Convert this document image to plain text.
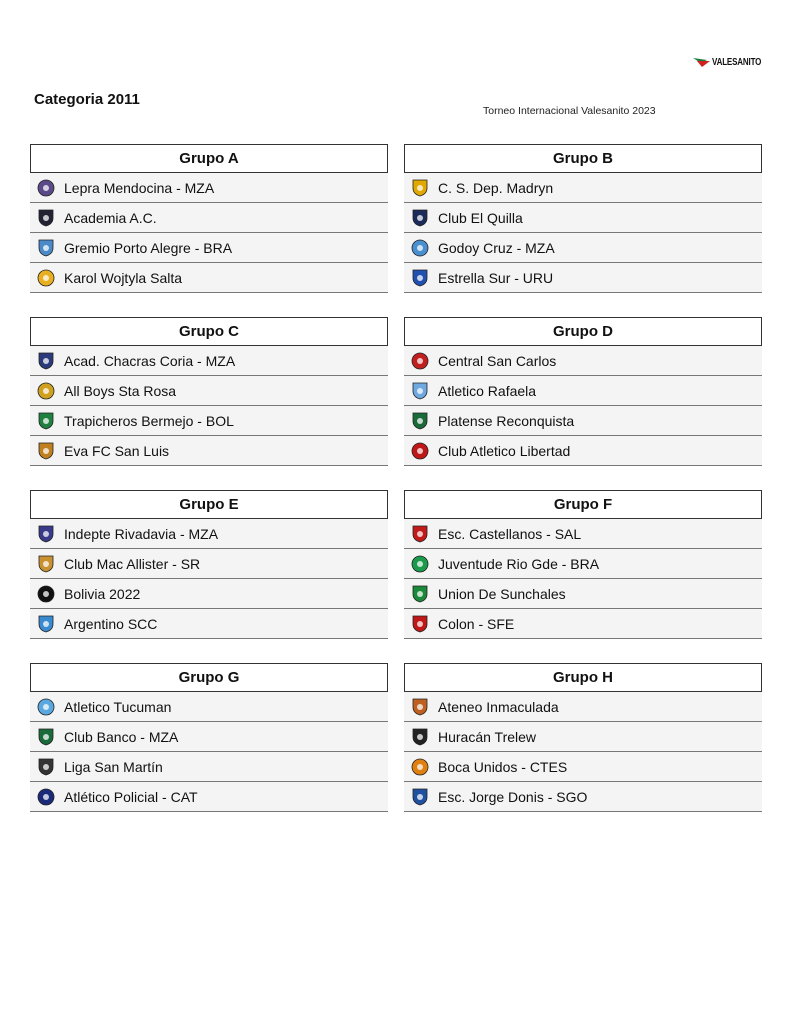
VALESANITO
Categoria 2011
Torneo Internacional Valesanito 2023
Grupo A
Lepra Mendocina - MZA
Academia A.C.
Gremio Porto Alegre - BRA
Karol Wojtyla Salta
Grupo B
C. S. Dep. Madryn
Club El Quilla
Godoy Cruz - MZA
Estrella Sur - URU
Grupo C
Acad. Chacras Coria - MZA
All Boys Sta Rosa
Trapicheros Bermejo - BOL
Eva FC San Luis
Grupo D
Central San Carlos
Atletico Rafaela
Platense Reconquista
Club Atletico Libertad
Grupo E
Indepte Rivadavia - MZA
Club Mac Allister - SR
Bolivia 2022
Argentino SCC
Grupo F
Esc. Castellanos - SAL
Juventude Rio Gde - BRA
Union De Sunchales
Colon - SFE
Grupo G
Atletico Tucuman
Club Banco - MZA
Liga San Martín
Atlético Policial - CAT
Grupo H
Ateneo Inmaculada
Huracán Trelew
Boca Unidos - CTES
Esc. Jorge Donis - SGO
